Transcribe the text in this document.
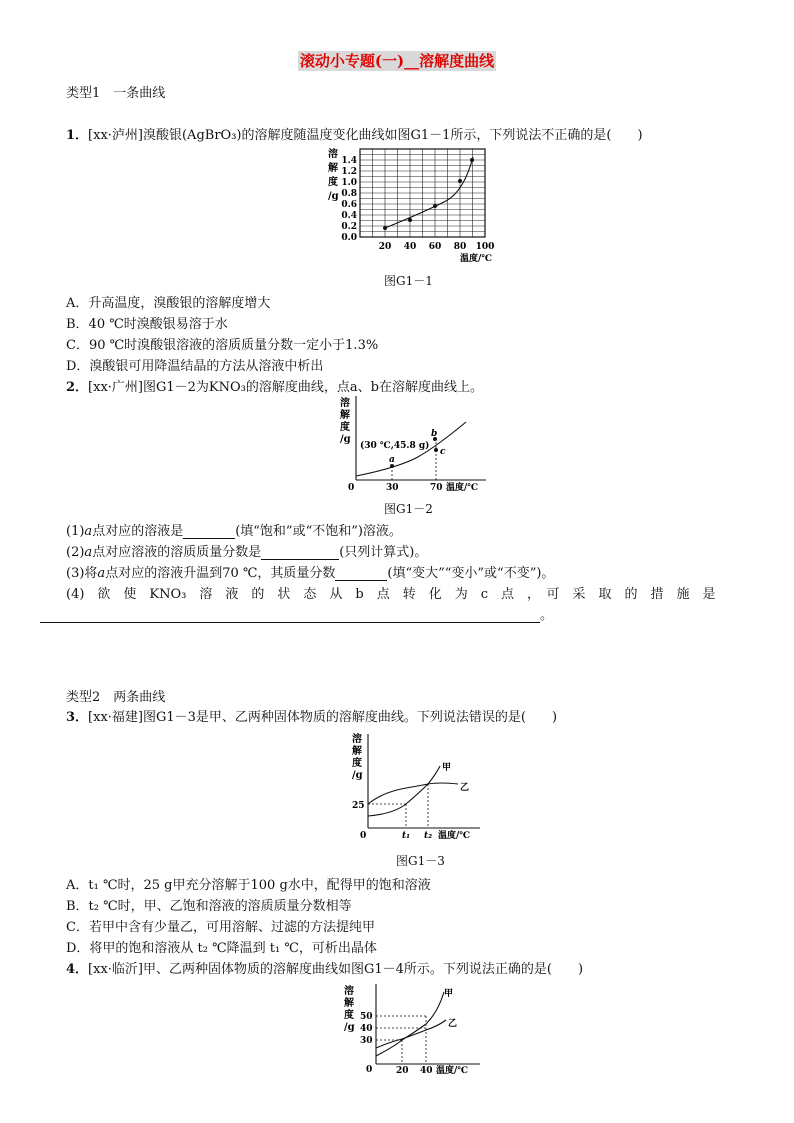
滚动小专题(一)__溶解度曲线
类型1　一条曲线
1．[xx·泸州]溴酸银(AgBrO₃)的溶解度随温度变化曲线如图G1－1所示，下列说法不正确的是(　　)
溶
解
度
/g
0.0
0.2
0.4
0.6
0.8
1.0
1.2
1.4
20 40 60 80 100
温度/℃
图G1－1
A．升高温度，溴酸银的溶解度增大
B．40 ℃时溴酸银易溶于水
C．90 ℃时溴酸银溶液的溶质质量分数一定小于1.3%
D．溴酸银可用降温结晶的方法从溶液中析出
2．[xx·广州]图G1－2为KNO₃的溶解度曲线，点a、b在溶解度曲线上。
溶
解
度
/g
a
b
c
(30 ℃,45.8 g)
0	30	70 温度/℃
图G1－2
(1)a点对应的溶液是	(填“饱和”或“不饱和”)溶液。
(2)a点对应溶液的溶质质量分数是	(只列计算式)。
(3)将a点对应的溶液升温到70 ℃，其质量分数	(填“变大”“变小”或“不变”)。
(4)　欲　使　KNO₃　溶　液　的　状　态　从　b　点　转　化　为　c　点　，　可　采　取　的　措　施　是
。
类型2　两条曲线
3．[xx·福建]图G1－3是甲、乙两种固体物质的溶解度曲线。下列说法错误的是(　　)
溶
解
度
/g
甲
乙
25
0	t₁ t₂ 温度/℃
图G1－3
A．t₁ ℃时，25 g甲充分溶解于100 g水中，配得甲的饱和溶液
B．t₂ ℃时，甲、乙饱和溶液的溶质质量分数相等
C．若甲中含有少量乙，可用溶解、过滤的方法提纯甲
D．将甲的饱和溶液从 t₂ ℃降温到 t₁ ℃，可析出晶体
4．[xx·临沂]甲、乙两种固体物质的溶解度曲线如图G1－4所示。下列说法正确的是(　　)
溶
解
度
/g
甲
乙
30
40
50
0	20 40 温度/℃
